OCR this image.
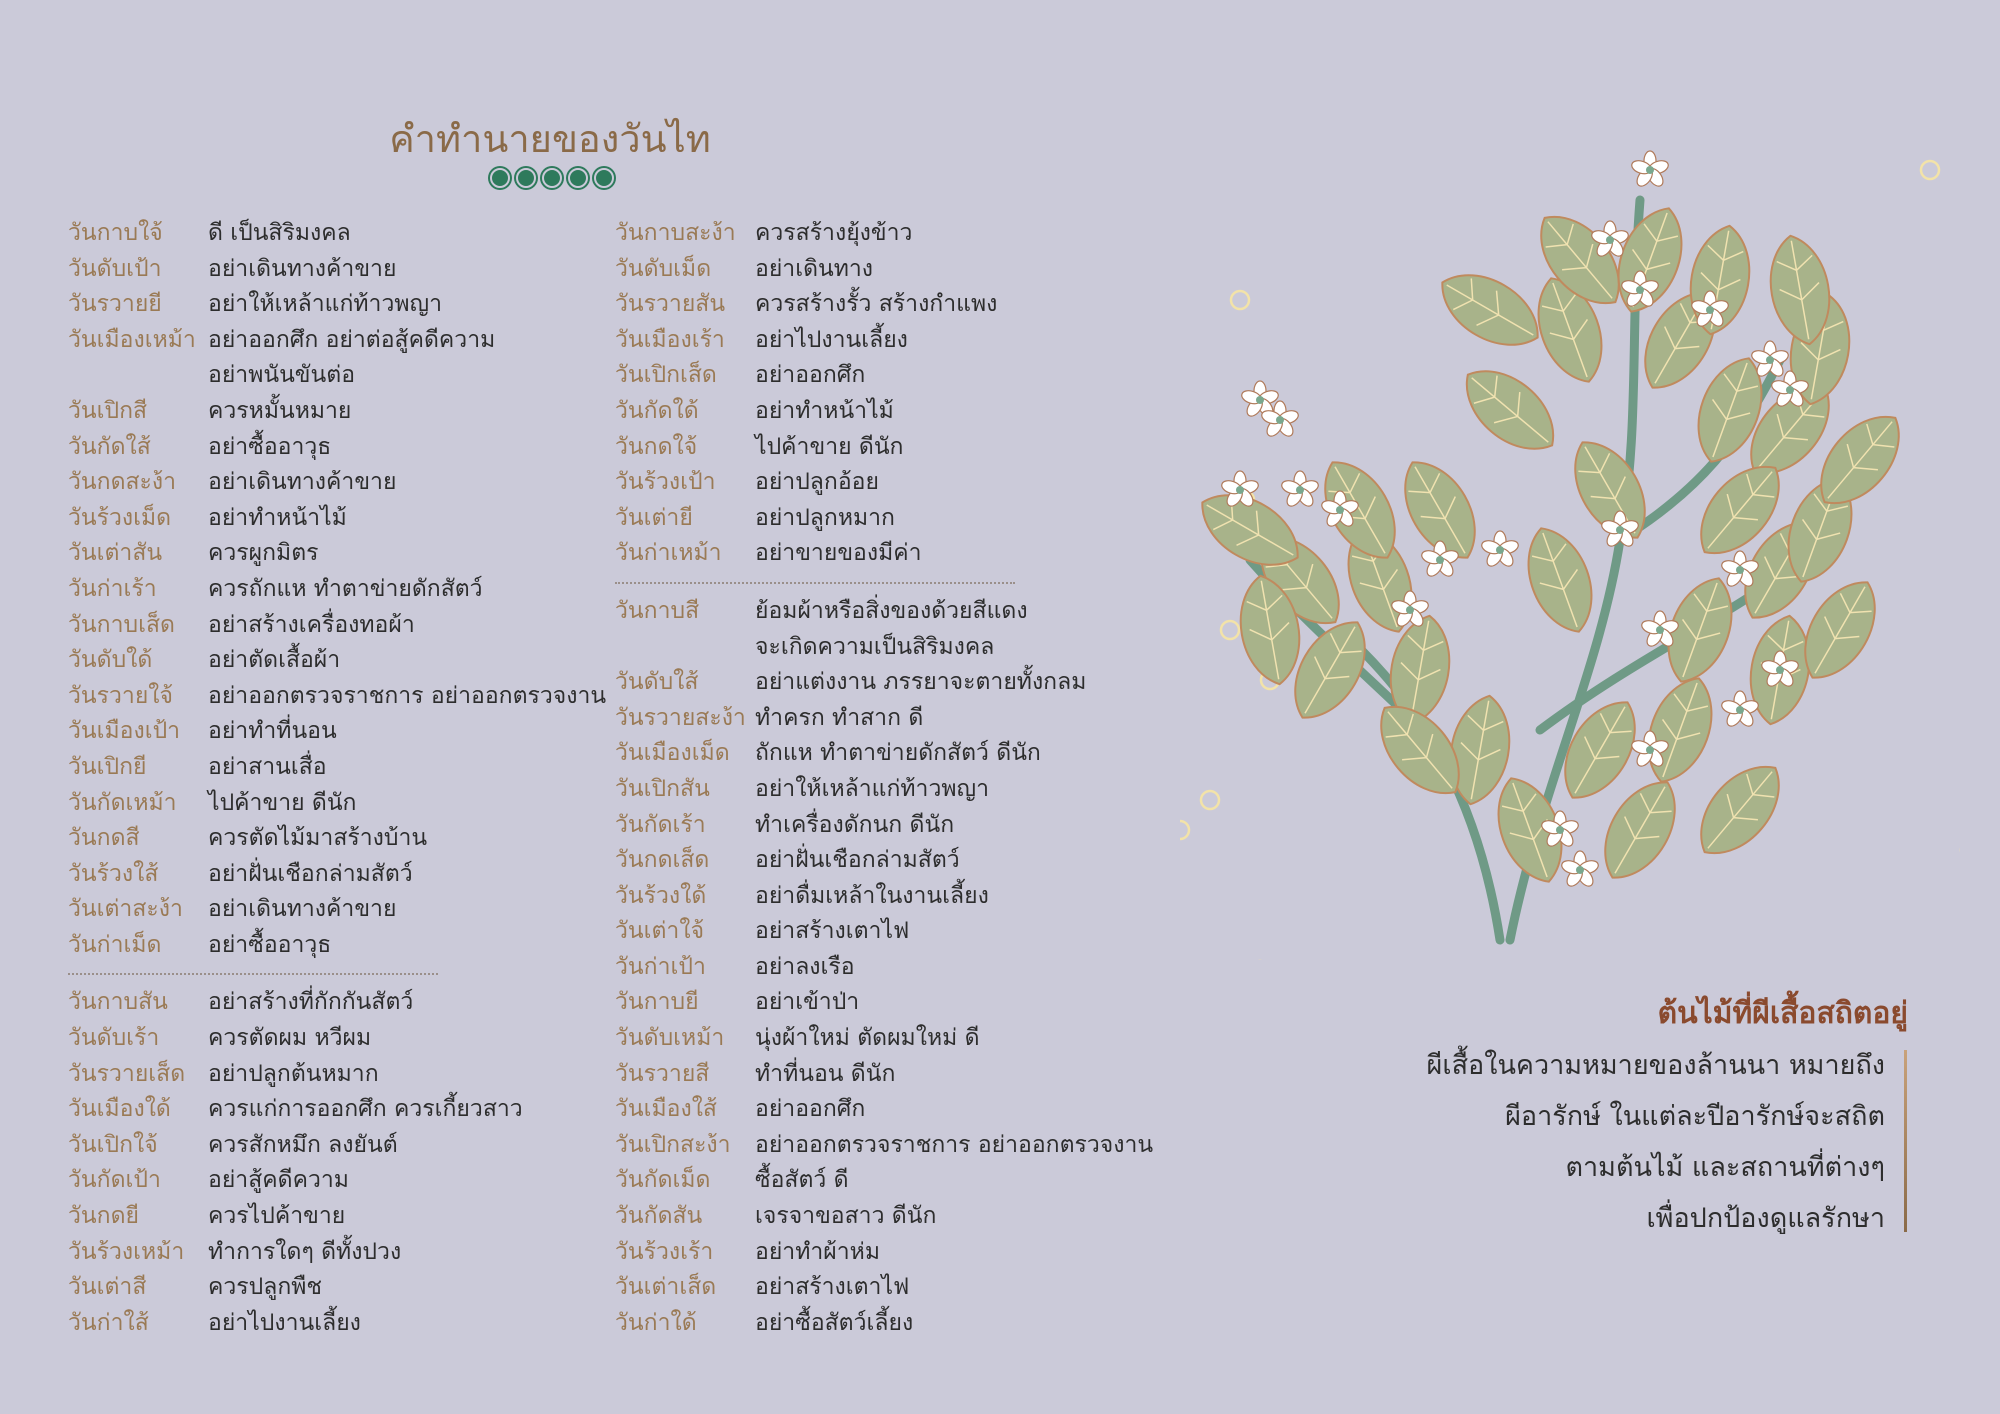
คำทำนายของวันไท
วันกาบใจ้	ดี เป็นสิริมงคล
วันดับเป้า	อย่าเดินทางค้าขาย
วันรวายยี	อย่าให้เหล้าแก่ท้าวพญา
วันเมืองเหม้า อย่าออกศึก อย่าต่อสู้คดีความ
อย่าพนันขันต่อ
วันเปิกสี	ควรหมั้นหมาย
วันกัดใส้	อย่าซื้ออาวุธ
วันกดสะง้า	อย่าเดินทางค้าขาย
วันร้วงเม็ด	อย่าทำหน้าไม้
วันเต่าสัน	ควรผูกมิตร
วันก่าเร้า	ควรถักแห ทำตาข่ายดักสัตว์
วันกาบเส็ด	อย่าสร้างเครื่องทอผ้า
วันดับใด้	อย่าตัดเสื้อผ้า
วันรวายใจ้	อย่าออกตรวจราชการ อย่าออกตรวจงาน
วันเมืองเป้า	อย่าทำที่นอน
วันเปิกยี	อย่าสานเสื่อ
วันกัดเหม้า	ไปค้าขาย ดีนัก
วันกดสี	ควรตัดไม้มาสร้างบ้าน
วันร้วงใส้	อย่าฝั่นเชือกล่ามสัตว์
วันเต่าสะง้า	อย่าเดินทางค้าขาย
วันก่าเม็ด	อย่าซื้ออาวุธ
วันกาบสัน	อย่าสร้างที่กักกันสัตว์
วันดับเร้า	ควรตัดผม หวีผม
วันรวายเส็ด อย่าปลูกต้นหมาก
วันเมืองใด้	ควรแก่การออกศึก ควรเกี้ยวสาว
วันเปิกใจ้	ควรสักหมึก ลงยันต์
วันกัดเป้า	อย่าสู้คดีความ
วันกดยี	ควรไปค้าขาย
วันร้วงเหม้า	ทำการใดๆ ดีทั้งปวง
วันเต่าสี	ควรปลูกพืช
วันก่าใส้	อย่าไปงานเลี้ยง
วันกาบสะง้า ควรสร้างยุ้งข้าว
วันดับเม็ด	อย่าเดินทาง
วันรวายสัน	ควรสร้างรั้ว สร้างกำแพง
วันเมืองเร้า	อย่าไปงานเลี้ยง
วันเปิกเส็ด	อย่าออกศึก
วันกัดใด้	อย่าทำหน้าไม้
วันกดใจ้	ไปค้าขาย ดีนัก
วันร้วงเป้า	อย่าปลูกอ้อย
วันเต่ายี	อย่าปลูกหมาก
วันก่าเหม้า	อย่าขายของมีค่า
วันกาบสี	ย้อมผ้าหรือสิ่งของด้วยสีแดง
จะเกิดความเป็นสิริมงคล
วันดับใส้	อย่าแต่งงาน ภรรยาจะตายทั้งกลม
วันรวายสะง้า ทำครก ทำสาก ดี
วันเมืองเม็ด	ถักแห ทำตาข่ายดักสัตว์ ดีนัก
วันเปิกสัน	อย่าให้เหล้าแก่ท้าวพญา
วันกัดเร้า	ทำเครื่องดักนก ดีนัก
วันกดเส็ด	อย่าฝั่นเชือกล่ามสัตว์
วันร้วงใด้	อย่าดื่มเหล้าในงานเลี้ยง
วันเต่าใจ้	อย่าสร้างเตาไฟ
วันก่าเป้า	อย่าลงเรือ
วันกาบยี	อย่าเข้าป่า
วันดับเหม้า	นุ่งผ้าใหม่ ตัดผมใหม่ ดี
วันรวายสี	ทำที่นอน ดีนัก
วันเมืองใส้	อย่าออกศึก
วันเปิกสะง้า	อย่าออกตรวจราชการ อย่าออกตรวจงาน
วันกัดเม็ด	ซื้อสัตว์ ดี
วันกัดสัน	เจรจาขอสาว ดีนัก
วันร้วงเร้า	อย่าทำผ้าห่ม
วันเต่าเส็ด	อย่าสร้างเตาไฟ
วันก่าใด้	อย่าซื้อสัตว์เลี้ยง
ต้นไม้ที่ผีเสื้อสถิตอยู่
ผีเสื้อในความหมายของล้านนา หมายถึง
ผีอารักษ์ ในแต่ละปีอารักษ์จะสถิต
ตามต้นไม้ และสถานที่ต่างๆ
เพื่อปกป้องดูแลรักษา
